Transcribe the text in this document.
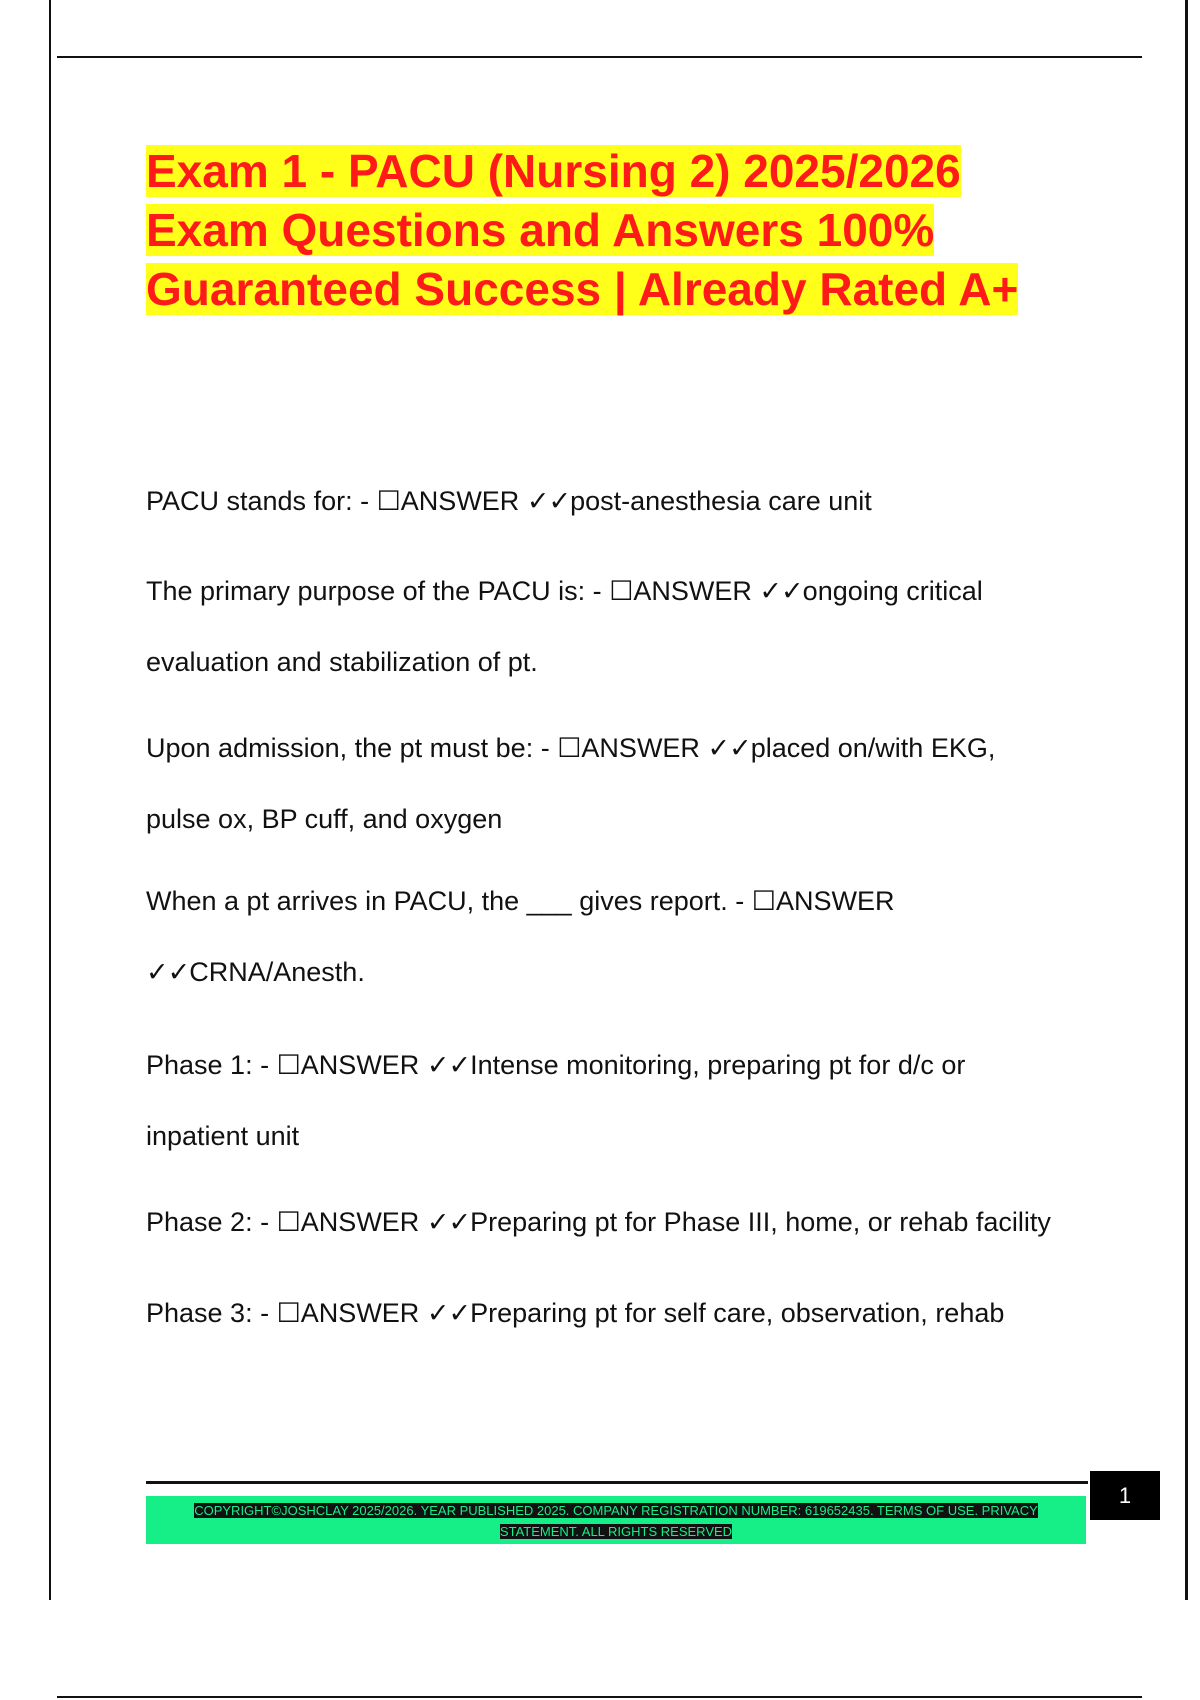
Exam 1 - PACU (Nursing 2) 2025/2026
Exam Questions and Answers 100%
Guaranteed Success | Already Rated A+

PACU stands for: - ☐ANSWER ✓✓post-anesthesia care unit

The primary purpose of the PACU is: - ☐ANSWER ✓✓ongoing critical
evaluation and stabilization of pt.

Upon admission, the pt must be: - ☐ANSWER ✓✓placed on/with EKG,
pulse ox, BP cuff, and oxygen

When a pt arrives in PACU, the ___ gives report. - ☐ANSWER
✓✓CRNA/Anesth.

Phase 1: - ☐ANSWER ✓✓Intense monitoring, preparing pt for d/c or
inpatient unit

Phase 2: - ☐ANSWER ✓✓Preparing pt for Phase III, home, or rehab facility

Phase 3: - ☐ANSWER ✓✓Preparing pt for self care, observation, rehab

COPYRIGHT©JOSHCLAY 2025/2026. YEAR PUBLISHED 2025. COMPANY REGISTRATION NUMBER: 619652435. TERMS OF USE. PRIVACY
STATEMENT. ALL RIGHTS RESERVED
1
